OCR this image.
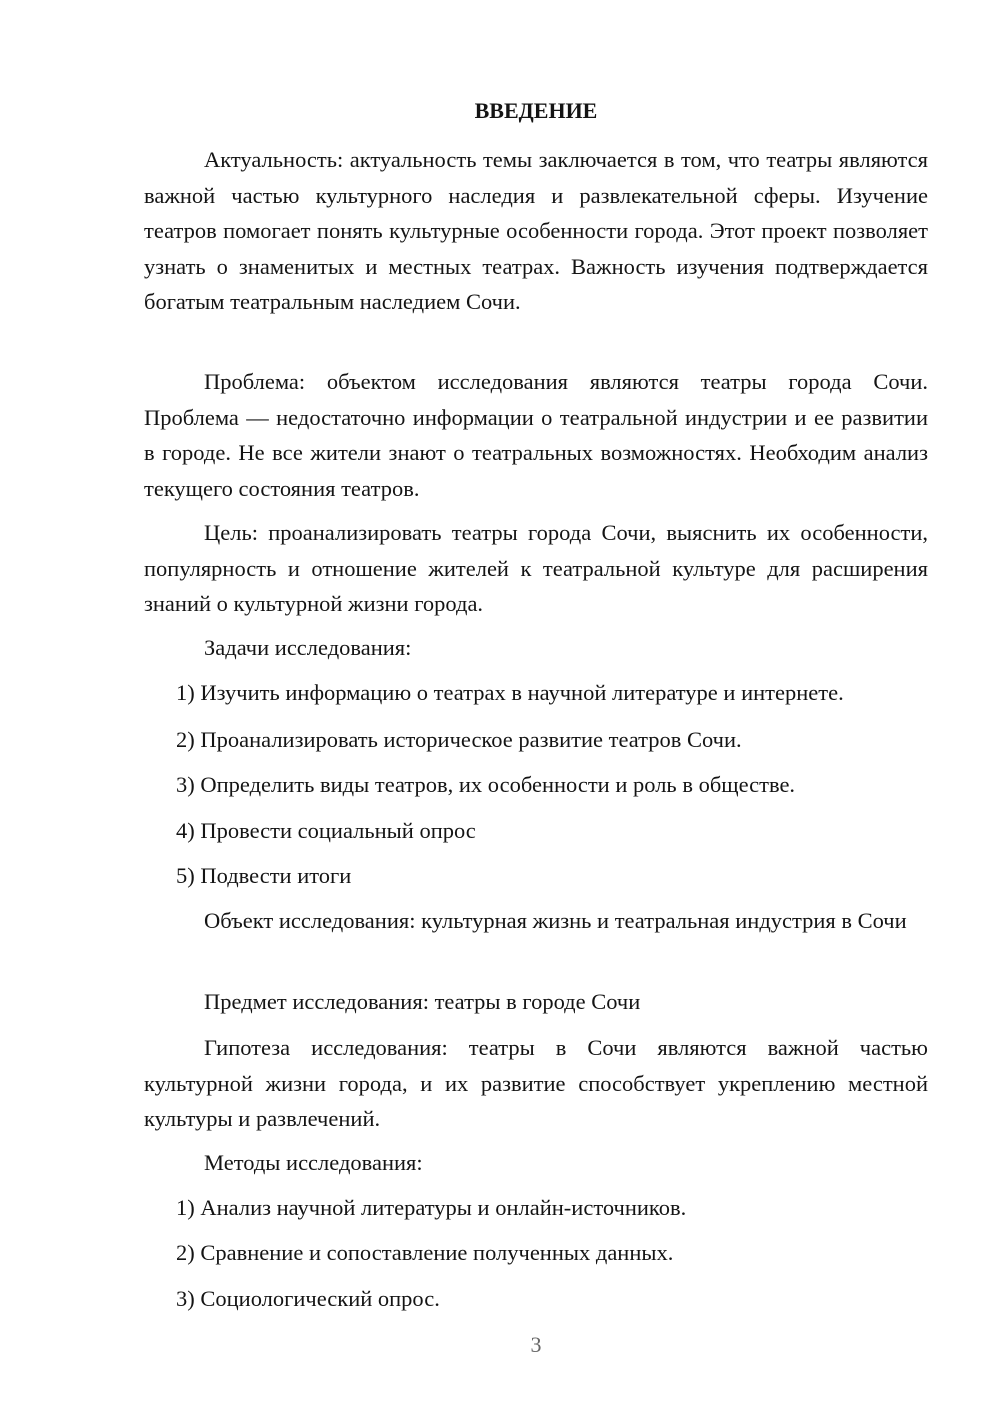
ВВЕДЕНИЕ
Актуальность: актуальность темы заключается в том, что театры являются важной частью культурного наследия и развлекательной сферы. Изучение театров помогает понять культурные особенности города. Этот проект позволяет узнать о знаменитых и местных театрах. Важность изучения подтверждается богатым театральным наследием Сочи.
Проблема: объектом исследования являются театры города Сочи. Проблема — недостаточно информации о театральной индустрии и ее развитии в городе. Не все жители знают о театральных возможностях. Необходим анализ текущего состояния театров.
Цель: проанализировать театры города Сочи, выяснить их особенности, популярность и отношение жителей к театральной культуре для расширения знаний о культурной жизни города.
Задачи исследования:
1) Изучить информацию о театрах в научной литературе и интернете.
2) Проанализировать историческое развитие театров Сочи.
3) Определить виды театров, их особенности и роль в обществе.
4) Провести социальный опрос
5) Подвести итоги
Объект исследования: культурная жизнь и театральная индустрия в Сочи
Предмет исследования: театры в городе Сочи
Гипотеза исследования: театры в Сочи являются важной частью культурной жизни города, и их развитие способствует укреплению местной культуры и развлечений.
Методы исследования:
1) Анализ научной литературы и онлайн-источников.
2) Сравнение и сопоставление полученных данных.
3) Социологический опрос.
3
